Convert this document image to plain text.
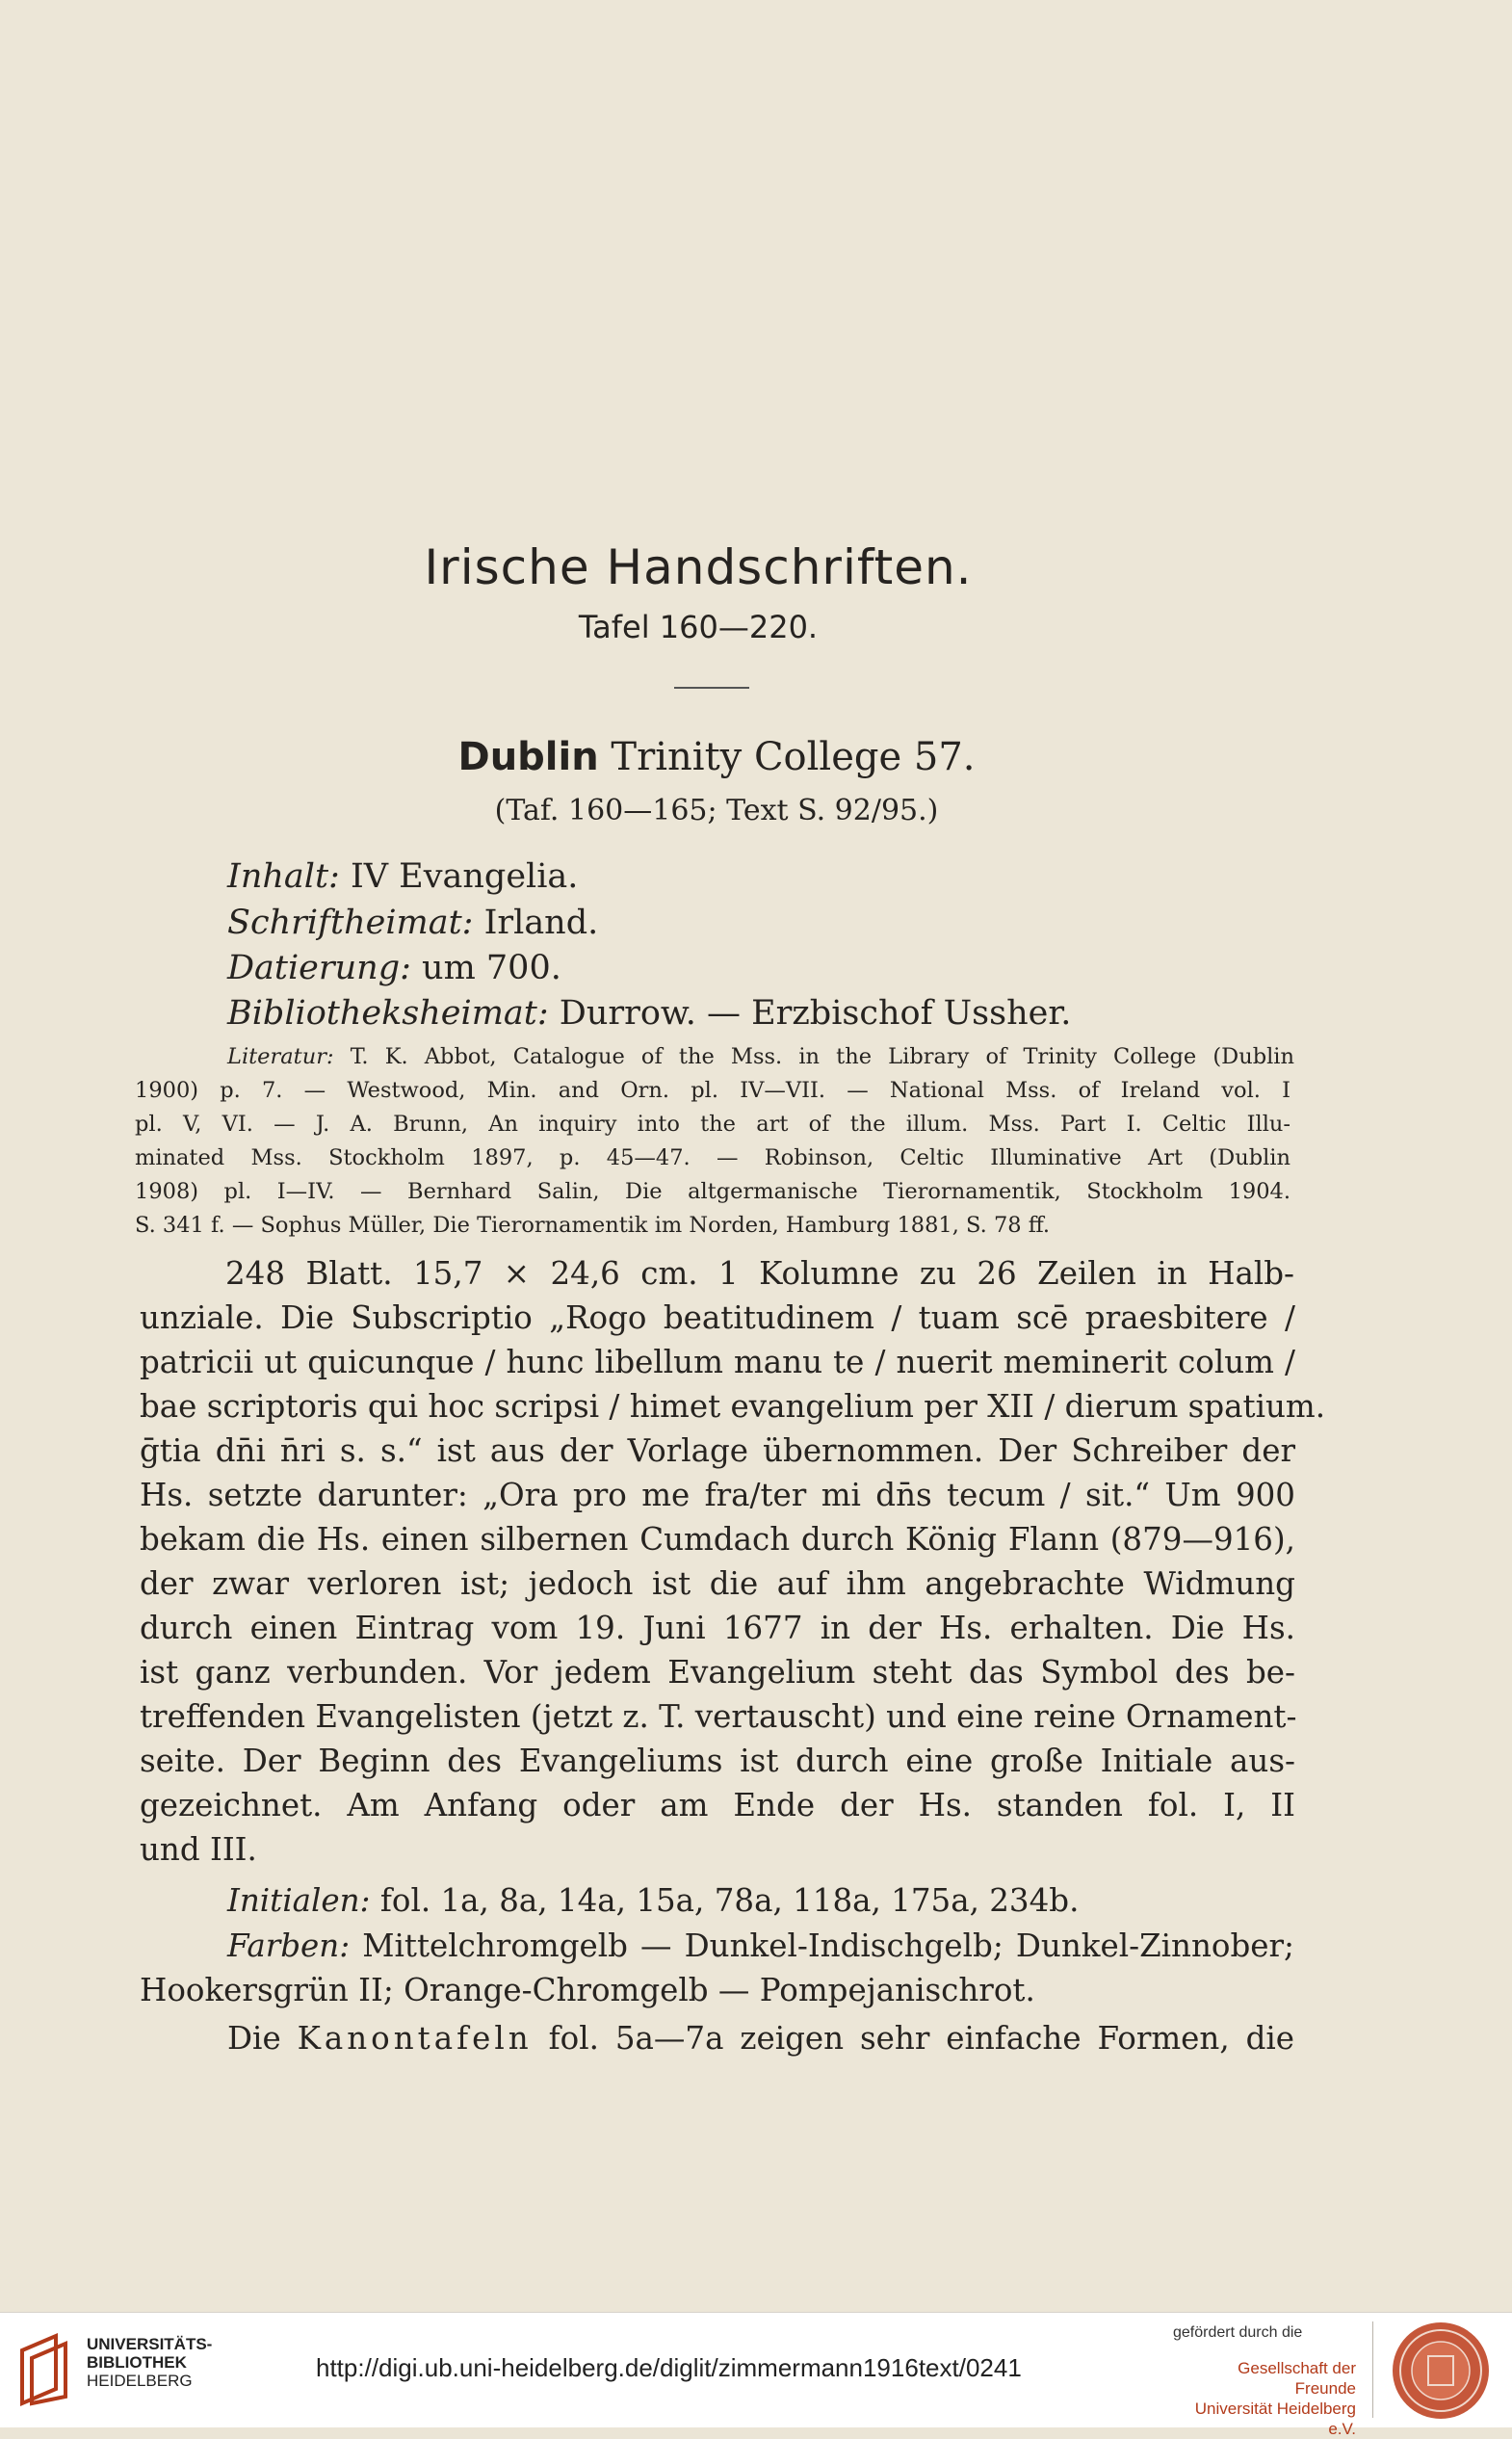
Irische Handschriften.
Tafel 160—220.
Dublin Trinity College 57.
(Taf. 160—165; Text S. 92/95.)
Inhalt: IV Evangelia.
Schriftheimat: Irland.
Datierung: um 700.
Bibliotheksheimat: Durrow. — Erzbischof Ussher.
Literatur: T. K. Abbot, Catalogue of the Mss. in the Library of Trinity College (Dublin
1900) p. 7. — Westwood, Min. and Orn. pl. IV—VII. — National Mss. of Ireland vol. I
pl. V, VI. — J. A. Brunn, An inquiry into the art of the illum. Mss. Part I. Celtic Illu-
minated Mss. Stockholm 1897, p. 45—47. — Robinson, Celtic Illuminative Art (Dublin
1908) pl. I—IV. — Bernhard Salin, Die altgermanische Tierornamentik, Stockholm 1904.
S. 341 f. — Sophus Müller, Die Tierornamentik im Norden, Hamburg 1881, S. 78 ff.
248 Blatt. 15,7 × 24,6 cm. 1 Kolumne zu 26 Zeilen in Halb-
unziale. Die Subscriptio „Rogo beatitudinem / tuam scē praesbitere /
patricii ut quicunque / hunc libellum manu te / nuerit meminerit colum /
bae scriptoris qui hoc scripsi / himet evangelium per XII / dierum spatium.
ḡtia dn̄i n̄ri s. s.“ ist aus der Vorlage übernommen. Der Schreiber der
Hs. setzte darunter: „Ora pro me fra/ter mi dn̄s tecum / sit.“ Um 900
bekam die Hs. einen silbernen Cumdach durch König Flann (879—916),
der zwar verloren ist; jedoch ist die auf ihm angebrachte Widmung
durch einen Eintrag vom 19. Juni 1677 in der Hs. erhalten. Die Hs.
ist ganz verbunden. Vor jedem Evangelium steht das Symbol des be-
treffenden Evangelisten (jetzt z. T. vertauscht) und eine reine Ornament-
seite. Der Beginn des Evangeliums ist durch eine große Initiale aus-
gezeichnet. Am Anfang oder am Ende der Hs. standen fol. I, II
und III.
Initialen: fol. 1a, 8a, 14a, 15a, 78a, 118a, 175a, 234b.
Farben: Mittelchromgelb — Dunkel-Indischgelb; Dunkel-Zinnober;
Hookersgrün II; Orange-Chromgelb — Pompejanischrot.
Die Kanontafeln fol. 5a—7a zeigen sehr einfache Formen, die
UNIVERSITÄTS-
BIBLIOTHEK
HEIDELBERG	http://digi.ub.uni-heidelberg.de/diglit/zimmermann1916text/0241
gefördert durch die
Gesellschaft der Freunde
Universität Heidelberg e.V.
